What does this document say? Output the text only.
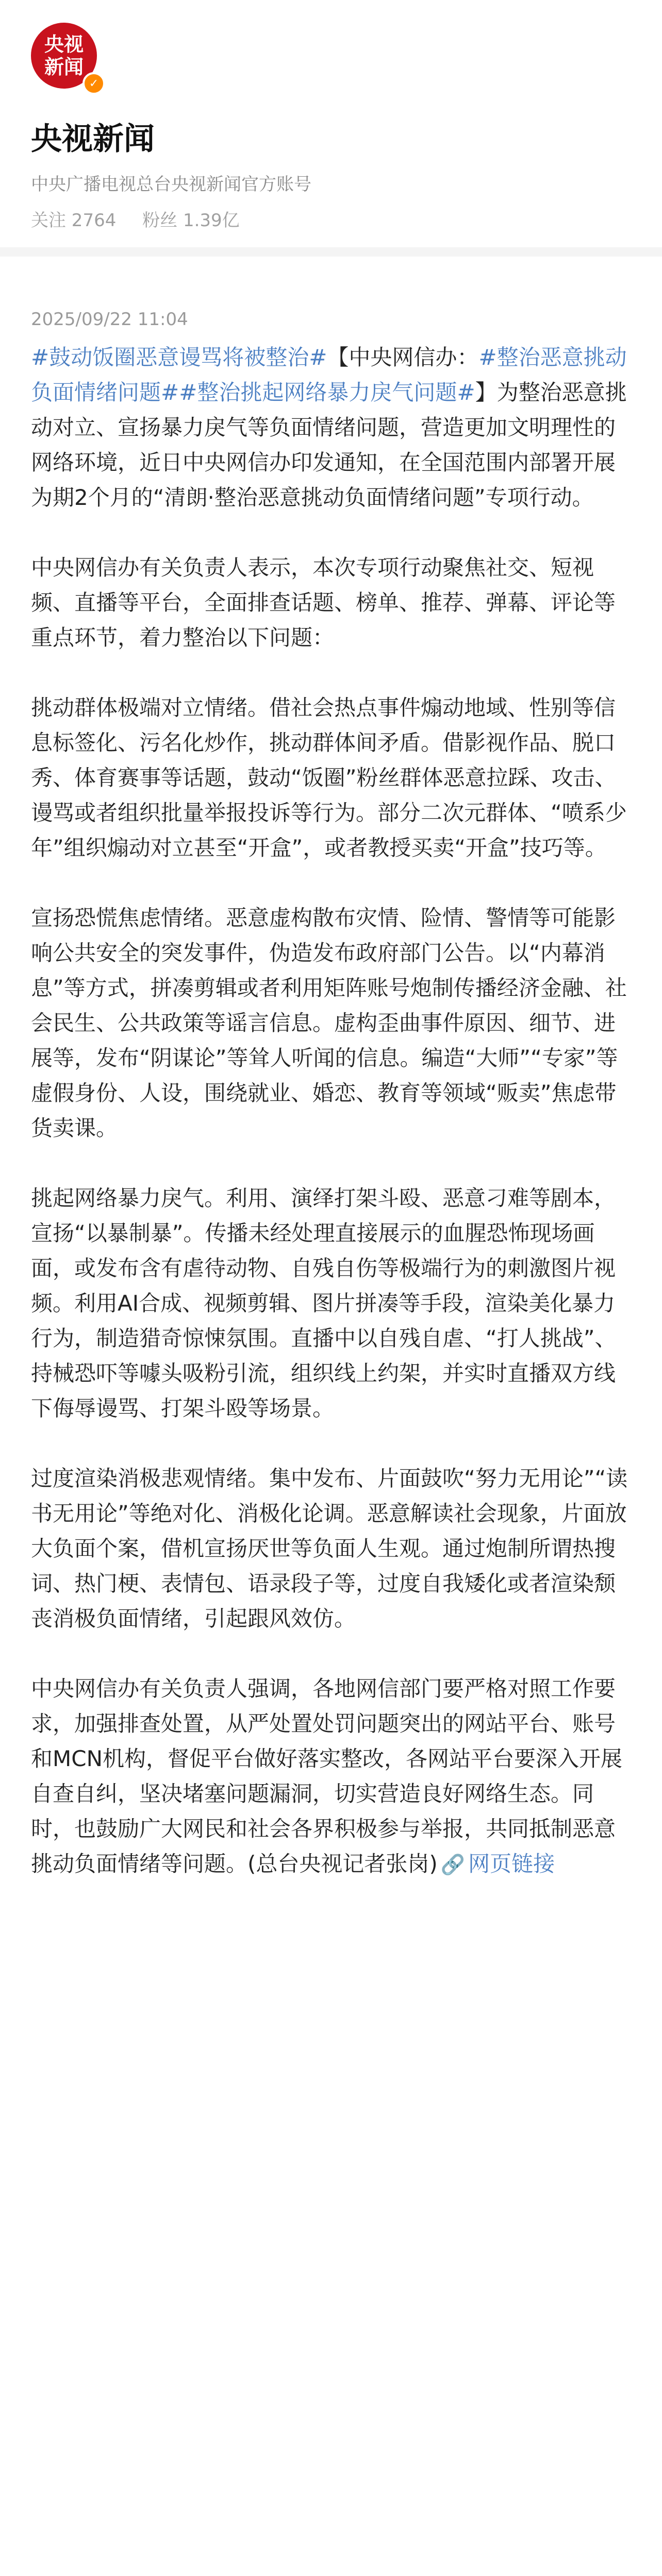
央视
新闻
✓
央视新闻
中央广播电视总台央视新闻官方账号
关注 2764 粉丝 1.39亿
2025/09/22 11:04

#鼓动饭圈恶意谩骂将被整治#【中央网信办：#整治恶意挑动负面情绪问题##整治挑起网络暴力戾气问题#】为整治恶意挑动对立、宣扬暴力戾气等负面情绪问题，营造更加文明理性的网络环境，近日中央网信办印发通知，在全国范围内部署开展为期2个月的“清朗·整治恶意挑动负面情绪问题”专项行动。

中央网信办有关负责人表示，本次专项行动聚焦社交、短视频、直播等平台，全面排查话题、榜单、推荐、弹幕、评论等重点环节，着力整治以下问题：

挑动群体极端对立情绪。借社会热点事件煽动地域、性别等信息标签化、污名化炒作，挑动群体间矛盾。借影视作品、脱口秀、体育赛事等话题，鼓动“饭圈”粉丝群体恶意拉踩、攻击、谩骂或者组织批量举报投诉等行为。部分二次元群体、“喷系少年”组织煽动对立甚至“开盒”，或者教授买卖“开盒”技巧等。

宣扬恐慌焦虑情绪。恶意虚构散布灾情、险情、警情等可能影响公共安全的突发事件，伪造发布政府部门公告。以“内幕消息”等方式，拼凑剪辑或者利用矩阵账号炮制传播经济金融、社会民生、公共政策等谣言信息。虚构歪曲事件原因、细节、进展等，发布“阴谋论”等耸人听闻的信息。编造“大师”“专家”等虚假身份、人设，围绕就业、婚恋、教育等领域“贩卖”焦虑带货卖课。

挑起网络暴力戾气。利用、演绎打架斗殴、恶意刁难等剧本，宣扬“以暴制暴”。传播未经处理直接展示的血腥恐怖现场画面，或发布含有虐待动物、自残自伤等极端行为的刺激图片视频。利用AI合成、视频剪辑、图片拼凑等手段，渲染美化暴力行为，制造猎奇惊悚氛围。直播中以自残自虐、“打人挑战”、持械恐吓等噱头吸粉引流，组织线上约架，并实时直播双方线下侮辱谩骂、打架斗殴等场景。

过度渲染消极悲观情绪。集中发布、片面鼓吹“努力无用论”“读书无用论”等绝对化、消极化论调。恶意解读社会现象，片面放大负面个案，借机宣扬厌世等负面人生观。通过炮制所谓热搜词、热门梗、表情包、语录段子等，过度自我矮化或者渲染颓丧消极负面情绪，引起跟风效仿。

中央网信办有关负责人强调，各地网信部门要严格对照工作要求，加强排查处置，从严处置处罚问题突出的网站平台、账号和MCN机构，督促平台做好落实整改，各网站平台要深入开展自查自纠，坚决堵塞问题漏洞，切实营造良好网络生态。同时，也鼓励广大网民和社会各界积极参与举报，共同抵制恶意挑动负面情绪等问题。(总台央视记者张岗) 🔗 网页链接
